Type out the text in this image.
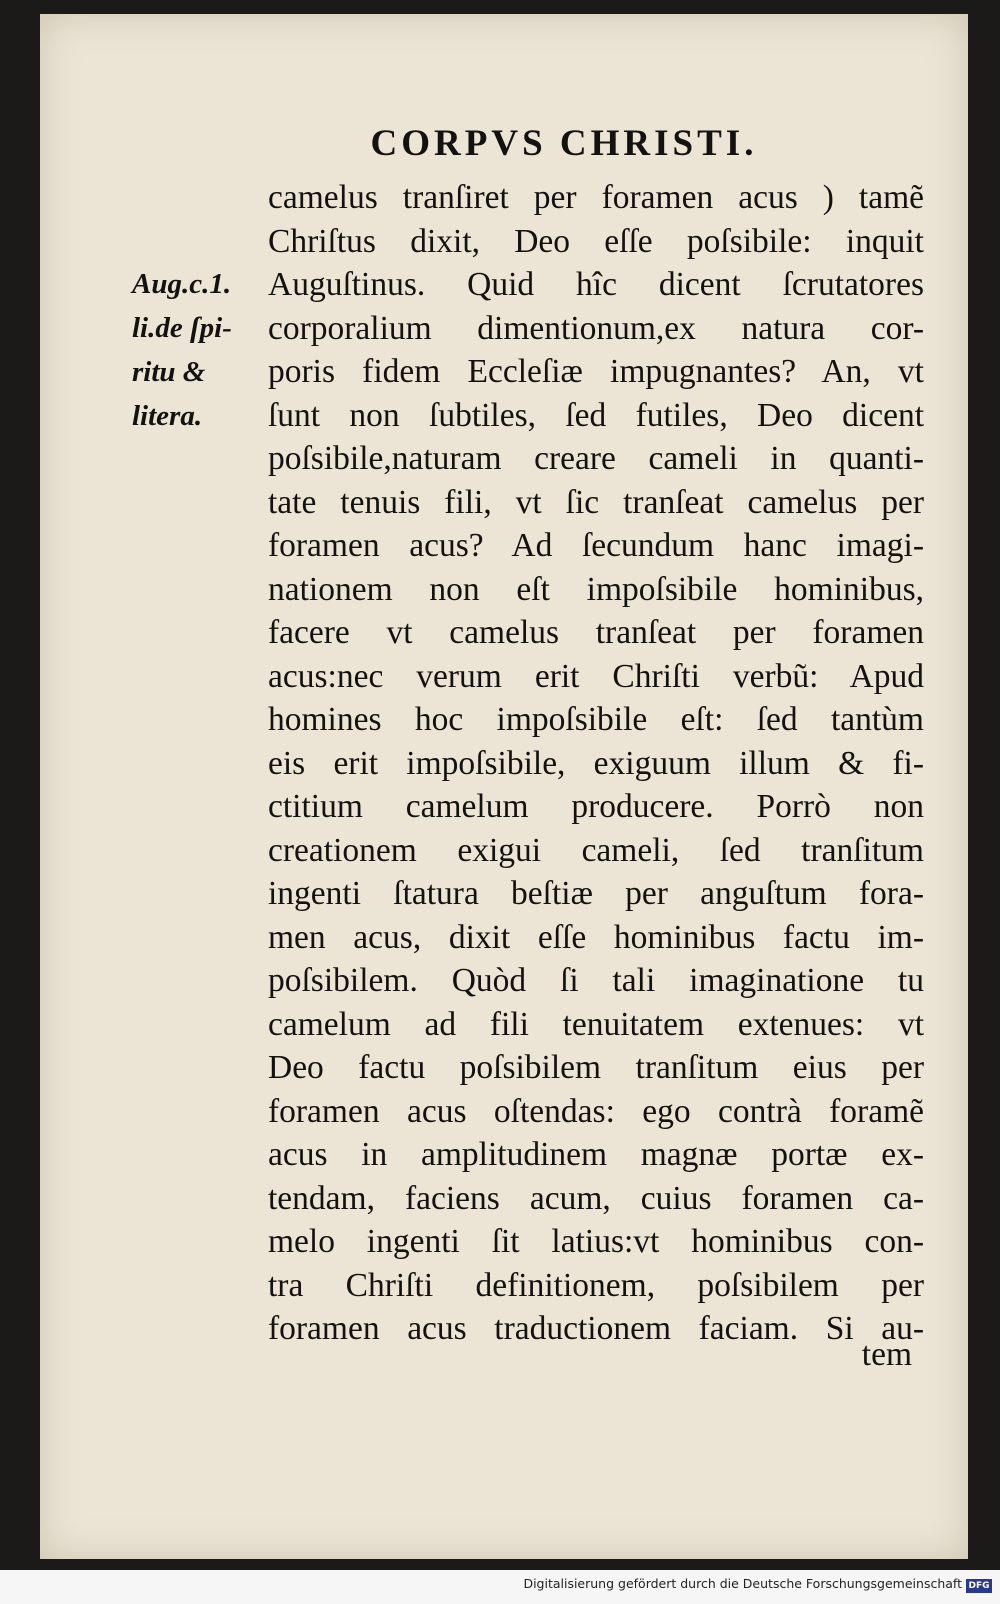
CORPVS CHRISTI.
Aug.c.1.
li.de ſpi-
ritu &
litera.
camelus tranſiret per foramen acus ) tamẽ
Chriſtus dixit, Deo eſſe poſsibile: inquit
Auguſtinus. Quid hîc dicent ſcrutatores
corporalium dimentionum,ex natura cor-
poris fidem Eccleſiæ impugnantes? An, vt
ſunt non ſubtiles, ſed futiles, Deo dicent
poſsibile,naturam creare cameli in quanti-
tate tenuis fili, vt ſic tranſeat camelus per
foramen acus? Ad ſecundum hanc imagi-
nationem non eſt impoſsibile hominibus,
facere vt camelus tranſeat per foramen
acus:nec verum erit Chriſti verbũ: Apud
homines hoc impoſsibile eſt: ſed tantùm
eis erit impoſsibile, exiguum illum & fi-
ctitium camelum producere. Porrò non
creationem exigui cameli, ſed tranſitum
ingenti ſtatura beſtiæ per anguſtum fora-
men acus, dixit eſſe hominibus factu im-
poſsibilem. Quòd ſi tali imaginatione tu
camelum ad fili tenuitatem extenues: vt
Deo factu poſsibilem tranſitum eius per
foramen acus oſtendas: ego contrà foramẽ
acus in amplitudinem magnæ portæ ex-
tendam, faciens acum, cuius foramen ca-
melo ingenti ſit latius:vt hominibus con-
tra Chriſti definitionem, poſsibilem per
foramen acus traductionem faciam. Si au-
tem
Digitalisierung gefördert durch die Deutsche Forschungsgemeinschaft DFG
